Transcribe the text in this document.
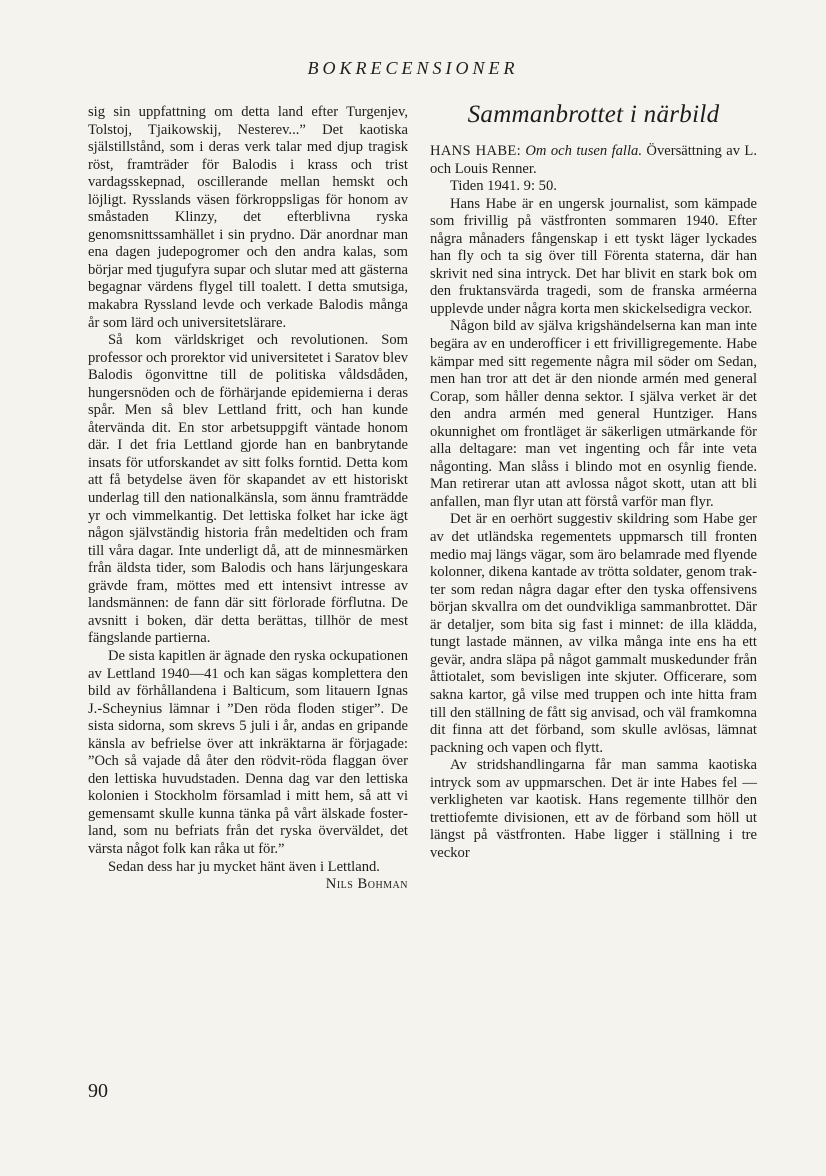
BOKRECENSIONER

sig sin uppfattning om detta land efter Turgenjev, Tolstoj, Tjaikowskij, Nesterev...” Det kaotiska själstillstånd, som i deras verk talar med djup tragisk röst, framträder för Balodis i krass och trist vardagsskepnad, oscillerande mellan hemskt och löjligt. Rysslands väsen förkroppsligas för honom av småstaden Klinzy, det efterblivna ryska genomsnittssamhället i sin prydno. Där anordnar man ena dagen judepogromer och den andra kalas, som börjar med tjugufyra supar och slutar med att gästerna begagnar värdens flygel till toalett. I detta smutsiga, makabra Ryssland levde och verkade Balodis många år som lärd och universitetslärare.

Så kom världskriget och revolutionen. Som professor och prorektor vid universitetet i Saratov blev Balodis ögonvittne till de politiska våldsdåden, hungersnöden och de förhärjande epidemierna i deras spår. Men så blev Lettland fritt, och han kunde återvända dit. En stor arbetsuppgift väntade honom där. I det fria Lettland gjorde han en banbrytande insats för utforskandet av sitt folks forntid. Detta kom att få betydelse även för skapandet av ett historiskt underlag till den nationalkänsla, som ännu framträdde yr och vimmelkantig. Det lettiska folket har icke ägt någon självständig historia från medeltiden och fram till våra dagar. Inte underligt då, att de minnesmärken från äldsta tider, som Balodis och hans lärjungeskara grävde fram, möttes med ett intensivt intresse av landsmännen: de fann där sitt förlorade förflutna. De avsnitt i boken, där detta berättas, tillhör de mest fängslande partierna.

De sista kapitlen är ägnade den ryska ockupationen av Lettland 1940—41 och kan sägas komplettera den bild av förhållandena i Balticum, som litauern Ignas J.-Scheynius lämnar i ”Den röda floden stiger”. De sista sidorna, som skrevs 5 juli i år, andas en gripande känsla av befrielse över att inkräktarna är förjagade: ”Och så vajade då åter den rödvit-röda flaggan över den lettiska huvudstaden. Denna dag var den lettiska kolonien i Stockholm församlad i mitt hem, så att vi gemensamt skulle kunna tänka på vårt älskade fosterland, som nu befriats från det ryska överväldet, det värsta något folk kan råka ut för.”

Sedan dess har ju mycket hänt även i Lettland.
Nils Bohman

Sammanbrottet i närbild

HANS HABE: Om och tusen falla. Översättning av L. och Louis Renner.
Tiden 1941. 9: 50.

Hans Habe är en ungersk journalist, som kämpade som frivillig på västfronten sommaren 1940. Efter några månaders fångenskap i ett tyskt läger lyckades han fly och ta sig över till Förenta staterna, där han skrivit ned sina intryck. Det har blivit en stark bok om den fruktansvärda tragedi, som de franska arméerna upplevde under några korta men skickelsedigra veckor.

Någon bild av själva krigshändelserna kan man inte begära av en underofficer i ett frivilligregemente. Habe kämpar med sitt regemente några mil söder om Sedan, men han tror att det är den nionde armén med general Corap, som håller denna sektor. I själva verket är det den andra armén med general Huntziger. Hans okunnighet om frontläget är säkerligen utmärkande för alla deltagare: man vet ingenting och får inte veta någonting. Man slåss i blindo mot en osynlig fiende. Man retirerar utan att avlossa något skott, utan att bli anfallen, man flyr utan att förstå varför man flyr.

Det är en oerhört suggestiv skildring som Habe ger av det utländska regementets uppmarsch till fronten medio maj längs vägar, som äro belamrade med flyende kolonner, dikena kantade av trötta soldater, genom trakter som redan några dagar efter den tyska offensivens början skvallra om det oundvikliga sammanbrottet. Där är detaljer, som bita sig fast i minnet: de illa klädda, tungt lastade männen, av vilka många inte ens ha ett gevär, andra släpa på något gammalt muskedunder från åttiotalet, som bevisligen inte skjuter. Officerare, som sakna kartor, gå vilse med truppen och inte hitta fram till den ställning de fått sig anvisad, och väl framkomna dit finna att det förband, som skulle avlösas, lämnat packning och vapen och flytt.

Av stridshandlingarna får man samma kaotiska intryck som av uppmarschen. Det är inte Habes fel — verkligheten var kaotisk. Hans regemente tillhör den trettiofemte divisionen, ett av de förband som höll ut längst på västfronten. Habe ligger i ställning i tre veckor

90
